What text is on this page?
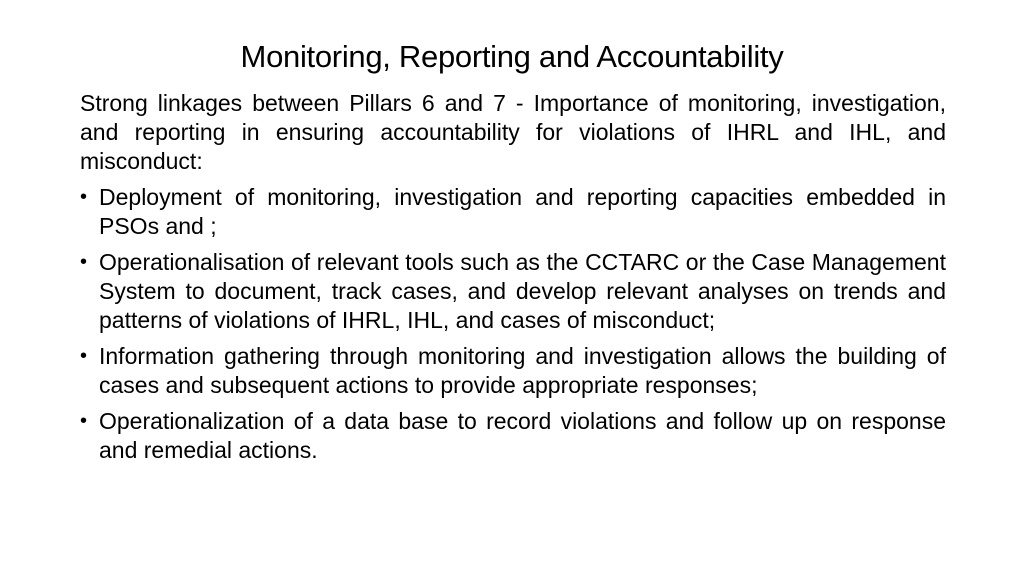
Monitoring, Reporting and Accountability

Strong linkages between Pillars 6 and 7 - Importance of monitoring, investigation, and reporting in ensuring accountability for violations of IHRL and IHL, and misconduct:

• Deployment of monitoring, investigation and reporting capacities embedded in PSOs and ;
• Operationalisation of relevant tools such as the CCTARC or the Case Management System to document, track cases, and develop relevant analyses on trends and patterns of violations of IHRL, IHL, and cases of misconduct;
• Information gathering through monitoring and investigation allows the building of cases and subsequent actions to provide appropriate responses;
• Operationalization of a data base to record violations and follow up on response and remedial actions.
